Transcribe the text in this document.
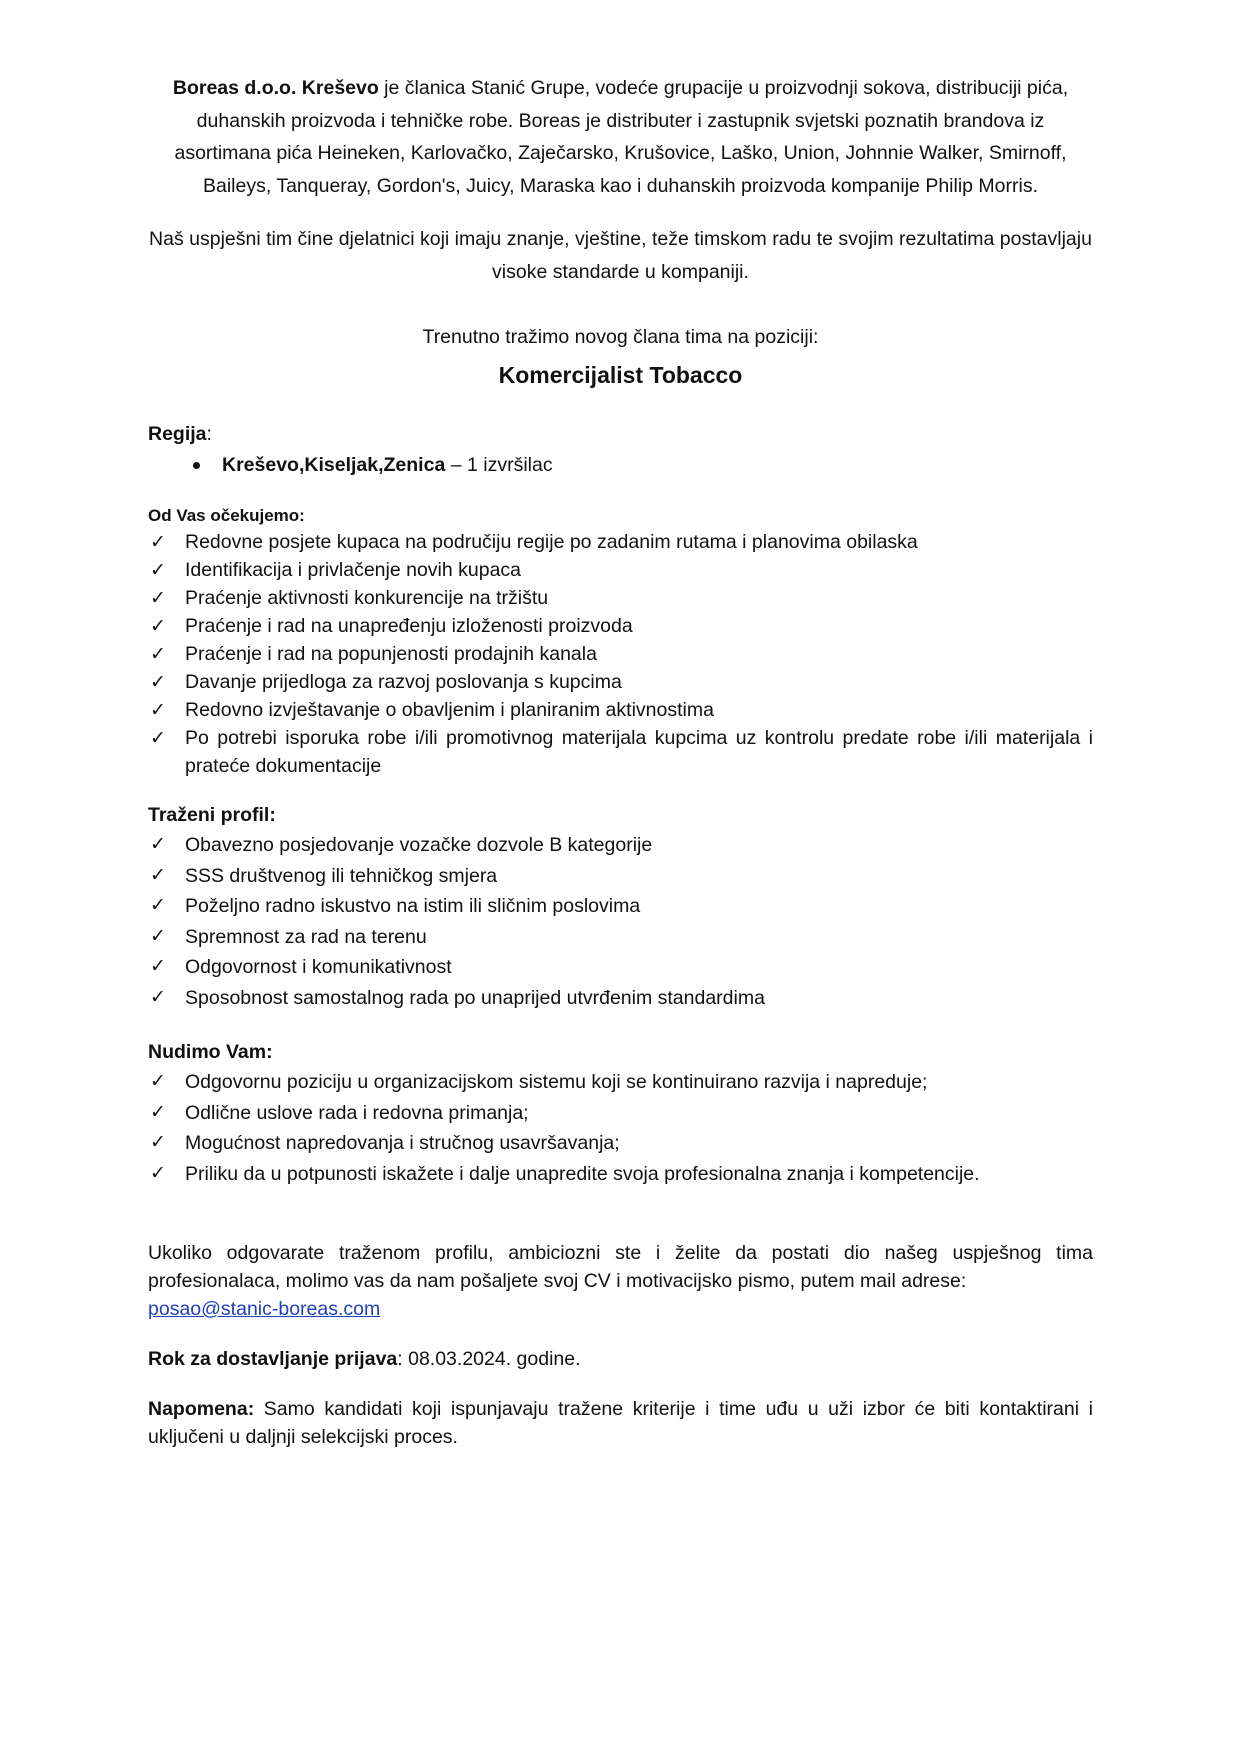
Boreas d.o.o. Kreševo je članica Stanić Grupe, vodeće grupacije u proizvodnji sokova, distribuciji pića, duhanskih proizvoda i tehničke robe. Boreas je distributer i zastupnik svjetski poznatih brandova iz asortimana pića Heineken, Karlovačko, Zaječarsko, Krušovice, Laško, Union, Johnnie Walker, Smirnoff, Baileys, Tanqueray, Gordon's, Juicy, Maraska kao i duhanskih proizvoda kompanije Philip Morris.

Naš uspješni tim čine djelatnici koji imaju znanje, vještine, teže timskom radu te svojim rezultatima postavljaju visoke standarde u kompaniji.

Trenutno tražimo novog člana tima na poziciji:

Komercijalist Tobacco

Regija:

Kreševo,Kiseljak,Zenica – 1 izvršilac

Od Vas očekujemo:

✓ Redovne posjete kupaca na područiju regije po zadanim rutama i planovima obilaska
✓ Identifikacija i privlačenje novih kupaca
✓ Praćenje aktivnosti konkurencije na tržištu
✓ Praćenje i rad na unapređenju izloženosti proizvoda
✓ Praćenje i rad na popunjenosti prodajnih kanala
✓ Davanje prijedloga za razvoj poslovanja s kupcima
✓ Redovno izvještavanje o obavljenim i planiranim aktivnostima
✓ Po potrebi isporuka robe i/ili promotivnog materijala kupcima uz kontrolu predate robe i/ili materijala i prateće dokumentacije

Traženi profil:

✓ Obavezno posjedovanje vozačke dozvole B kategorije
✓ SSS društvenog ili tehničkog smjera
✓ Poželjno radno iskustvo na istim ili sličnim poslovima
✓ Spremnost za rad na terenu
✓ Odgovornost i komunikativnost
✓ Sposobnost samostalnog rada po unaprijed utvrđenim standardima

Nudimo Vam:

✓ Odgovornu poziciju u organizacijskom sistemu koji se kontinuirano razvija i napreduje;
✓ Odlične uslove rada i redovna primanja;
✓ Mogućnost napredovanja i stručnog usavršavanja;
✓ Priliku da u potpunosti iskažete i dalje unapredite svoja profesionalna znanja i kompetencije.

Ukoliko odgovarate traženom profilu, ambiciozni ste i želite da postati dio našeg uspješnog tima profesionalaca, molimo vas da nam pošaljete svoj CV i motivacijsko pismo, putem mail adrese:
posao@stanic-boreas.com

Rok za dostavljanje prijava: 08.03.2024. godine.

Napomena: Samo kandidati koji ispunjavaju tražene kriterije i time uđu u uži izbor će biti kontaktirani i uključeni u daljnji selekcijski proces.
